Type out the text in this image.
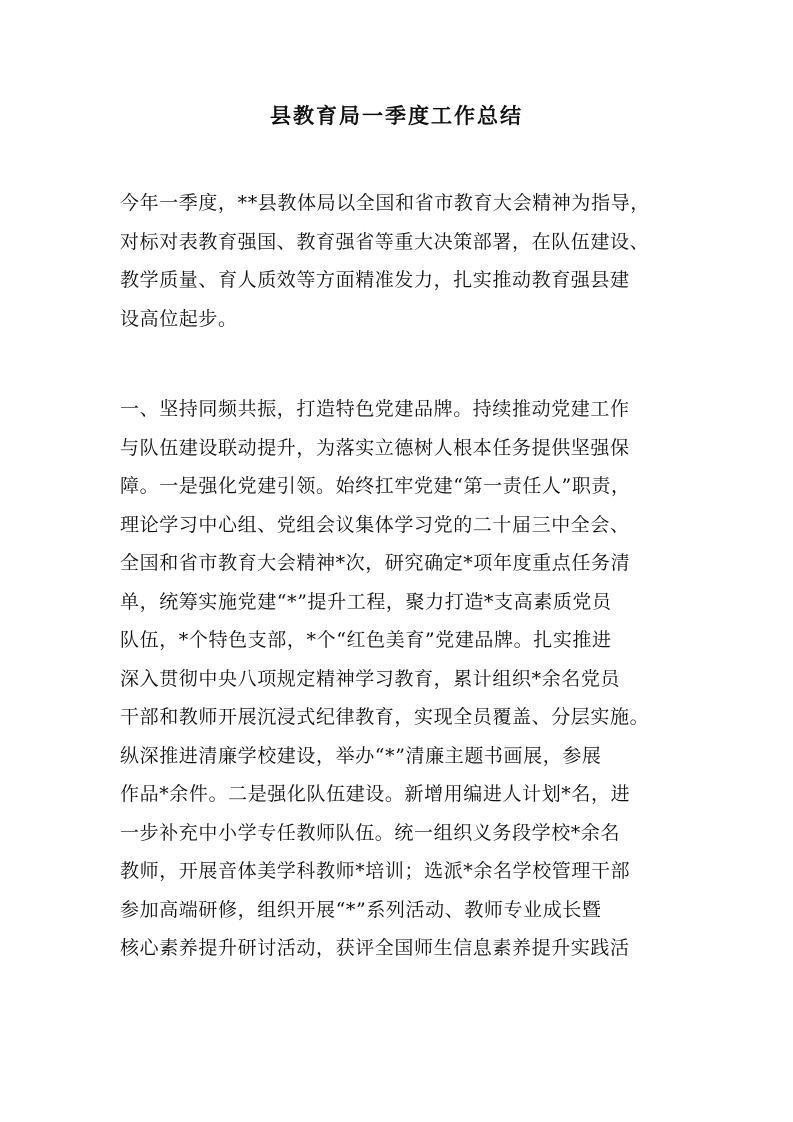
县教育局一季度工作总结
今年一季度，**县教体局以全国和省市教育大会精神为指导，
对标对表教育强国、教育强省等重大决策部署，在队伍建设、
教学质量、育人质效等方面精准发力，扎实推动教育强县建
设高位起步。
一、坚持同频共振，打造特色党建品牌。持续推动党建工作
与队伍建设联动提升，为落实立德树人根本任务提供坚强保
障。一是强化党建引领。始终扛牢党建“第一责任人”职责，
理论学习中心组、党组会议集体学习党的二十届三中全会、
全国和省市教育大会精神*次，研究确定*项年度重点任务清
单，统筹实施党建“*”提升工程，聚力打造*支高素质党员
队伍，*个特色支部，*个“红色美育”党建品牌。扎实推进
深入贯彻中央八项规定精神学习教育，累计组织*余名党员
干部和教师开展沉浸式纪律教育，实现全员覆盖、分层实施。
纵深推进清廉学校建设，举办“*”清廉主题书画展，参展
作品*余件。二是强化队伍建设。新增用编进人计划*名，进
一步补充中小学专任教师队伍。统一组织义务段学校*余名
教师，开展音体美学科教师*培训；选派*余名学校管理干部
参加高端研修，组织开展“*”系列活动、教师专业成长暨
核心素养提升研讨活动，获评全国师生信息素养提升实践活
